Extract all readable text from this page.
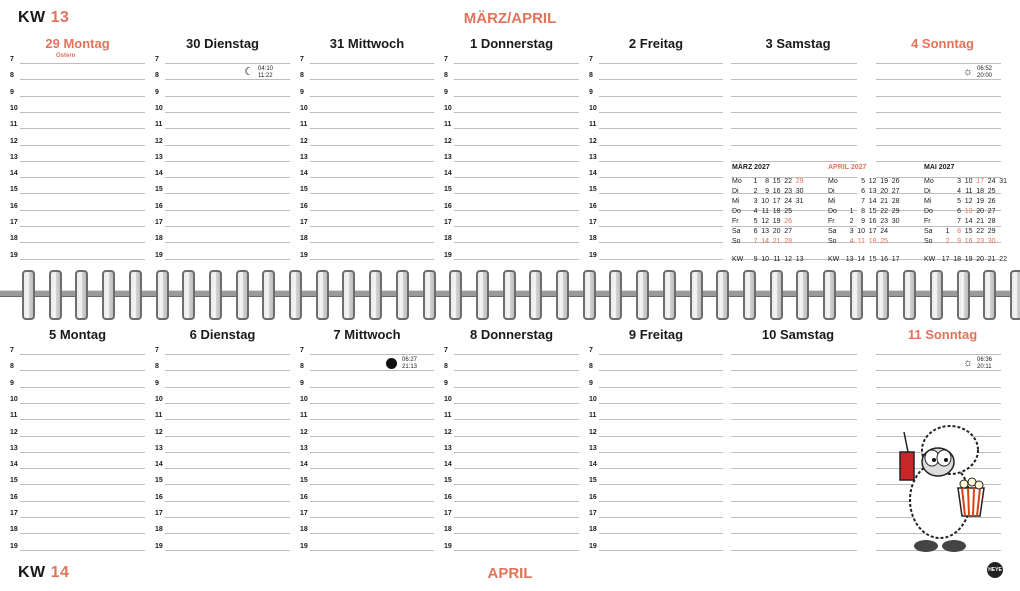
KW 13	MÄRZ/APRIL
29 Montag
Ostern
7
8
9
10
11
12
13
14
15
16
17
18
19
30 Dienstag
7
8
9
10
11
12
13
14
15
16
17
18
19
☾ 04:10
11:22
31 Mittwoch
7
8
9
10
11
12
13
14
15
16
17
18
19
1 Donnerstag
7
8
9
10
11
12
13
14
15
16
17
18
19
2 Freitag
7
8
9
10
11
12
13
14
15
16
17
18
19
3 Samstag	4 Sonntag
☼ 06:52
20:00
5 Montag
7
8
9
10
11
12
13
14
15
16
17
18
19
6 Dienstag
7
8
9
10
11
12
13
14
15
16
17
18
19
7 Mittwoch
7
8
9
10
11
12
13
14
15
16
17
18
19
06:27
21:13
8 Donnerstag
7
8
9
10
11
12
13
14
15
16
17
18
19
9 Freitag
7
8
9
10
11
12
13
14
15
16
17
18
19
10 Samstag	11 Sonntag
☼ 06:36
20:11
MÄRZ 2027
Mo 1 8 15 22 29
Di 2 9 16 23 30
Mi 3 10 17 24 31
Do 4 11 18 25
Fr 5 12 19 26
Sa 6 13 20 27
So 7 14 21 28
KW 9 10 11 12 13
APRIL 2027
Mo	5 12 19 26
Di	6 13 20 27
Mi	7 14 21 28
Do 1 8 15 22 29
Fr 2 9 16 23 30
Sa 3 10 17 24
So 4 11 18 25
KW 13 14 15 16 17
MAI 2027
Mo	3 10 17 24 31
Di	4 11 18 25
Mi	5 12 19 26
Do	6 13 20 27
Fr	7 14 21 28
Sa 1 8 15 22 29
So 2 9 16 23 30
KW 17 18 19 20 21 22
KW 14	APRIL	HEYE
